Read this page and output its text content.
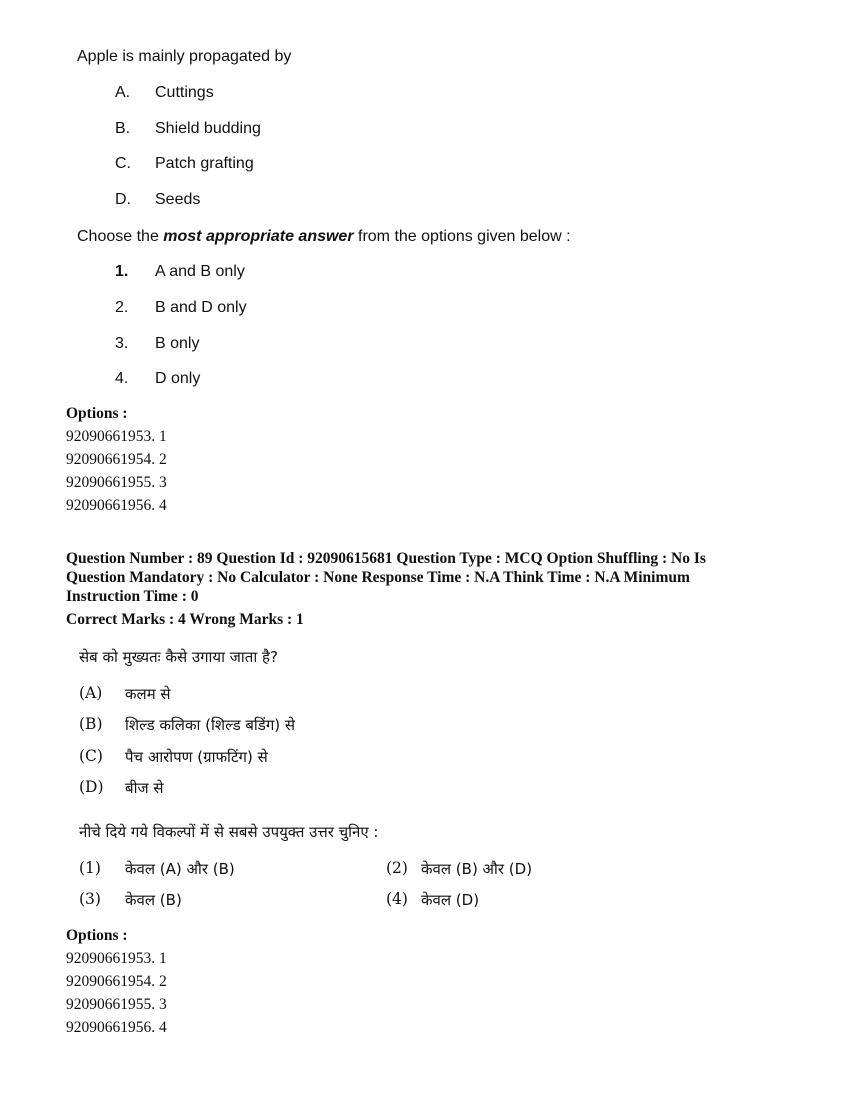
Apple is mainly propagated by
A. Cuttings
B. Shield budding
C. Patch grafting
D. Seeds
Choose the most appropriate answer from the options given below :
1. A and B only
2. B and D only
3. B only
4. D only
Options :
92090661953. 1
92090661954. 2
92090661955. 3
92090661956. 4
Question Number : 89 Question Id : 92090615681 Question Type : MCQ Option Shuffling : No Is Question Mandatory : No Calculator : None Response Time : N.A Think Time : N.A Minimum Instruction Time : 0
Correct Marks : 4 Wrong Marks : 1
सेब को मुख्यतः कैसे उगाया जाता है?
(A) कलम से
(B) शिल्ड कलिका (शिल्ड बडिंग) से
(C) पैच आरोपण (ग्राफटिंग) से
(D) बीज से
नीचे दिये गये विकल्पों में से सबसे उपयुक्त उत्तर चुनिए :
(1) केवल (A) और (B)	(2) केवल (B) और (D)
(3) केवल (B)	(4) केवल (D)
Options :
92090661953. 1
92090661954. 2
92090661955. 3
92090661956. 4
